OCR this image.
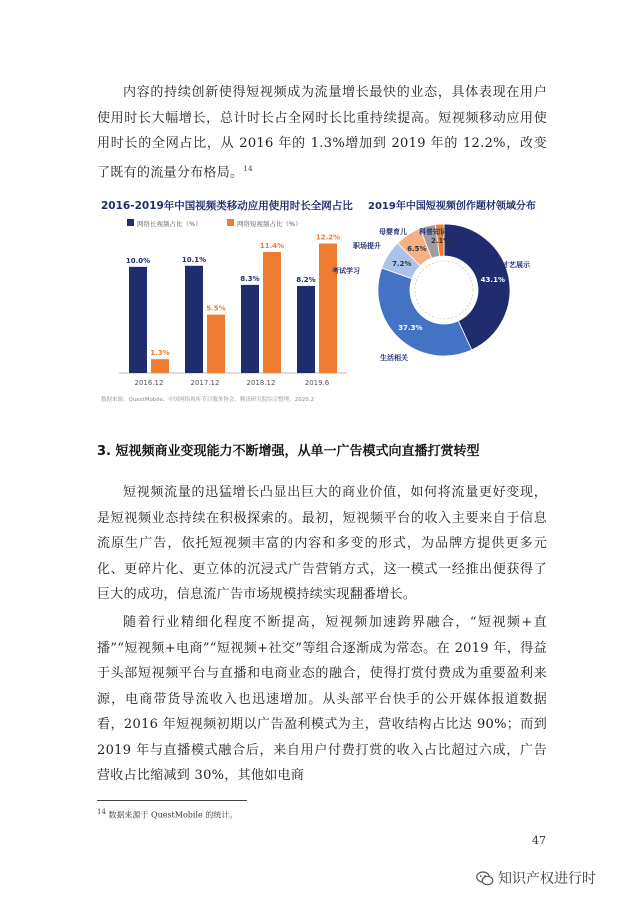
内容的持续创新使得短视频成为流量增长最快的业态，具体表现在用户使用时长大幅增长，总计时长占全网时长比重持续提高。短视频移动应用使用时长的全网占比，从 2016 年的 1.3%增加到 2019 年的 12.2%，改变了既有的流量分布格局。$^{14}$
2016-2019年中国视频类移动应用使用时长全网占比
网络长视频占比（%）	网络短视频占比（%）
10.0%
1.3%
2016.12
10.1%
5.5%
2017.12
8.3%
11.4%
2018.12
8.2%
12.2%
2019.6
数据来源：QuestMobile、中国网络视听节目服务协会、腾讯研究院综合整理，2020.2
2019年中国短视频创作题材领域分布
43.1%
才艺展示
37.3%
生活相关
7.2%
考试学习
6.5%
职场提升
母婴育儿
2.1%
科普知识
3. 短视频商业变现能力不断增强，从单一广告模式向直播打赏转型
短视频流量的迅猛增长凸显出巨大的商业价值，如何将流量更好变现，是短视频业态持续在积极探索的。最初，短视频平台的收入主要来自于信息流原生广告，依托短视频丰富的内容和多变的形式，为品牌方提供更多元化、更碎片化、更立体的沉浸式广告营销方式，这一模式一经推出便获得了巨大的成功，信息流广告市场规模持续实现翻番增长。
随着行业精细化程度不断提高，短视频加速跨界融合，“短视频+直播”“短视频+电商”“短视频+社交”等组合逐渐成为常态。在 2019 年，得益于头部短视频平台与直播和电商业态的融合，使得打赏付费成为重要盈利来源，电商带货导流收入也迅速增加。从头部平台快手的公开媒体报道数据看，2016 年短视频初期以广告盈利模式为主，营收结构占比达 90%；而到 2019 年与直播模式融合后，来自用户付费打赏的收入占比超过六成，广告营收占比缩减到 30%，其他如电商
14 数据来源于 QuestMobile 的统计。
47
知识产权进行时
